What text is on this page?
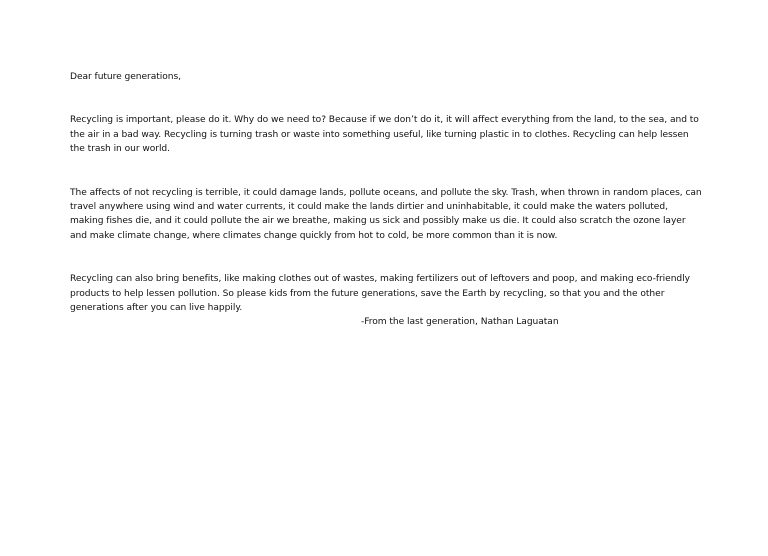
Dear future generations,

Recycling is important, please do it. Why do we need to? Because if we don’t do it, it will affect everything from the land, to the sea, and to the air in a bad way. Recycling is turning trash or waste into something useful, like turning plastic in to clothes. Recycling can help lessen the trash in our world.

The affects of not recycling is terrible, it could damage lands, pollute oceans, and pollute the sky. Trash, when thrown in random places, can travel anywhere using wind and water currents, it could make the lands dirtier and uninhabitable, it could make the waters polluted, making fishes die, and it could pollute the air we breathe, making us sick and possibly make us die. It could also scratch the ozone layer and make climate change, where climates change quickly from hot to cold, be more common than it is now.

Recycling can also bring benefits, like making clothes out of wastes, making fertilizers out of leftovers and poop, and making eco-friendly products to help lessen pollution. So please kids from the future generations, save the Earth by recycling, so that you and the other generations after you can live happily.

-From the last generation, Nathan Laguatan
